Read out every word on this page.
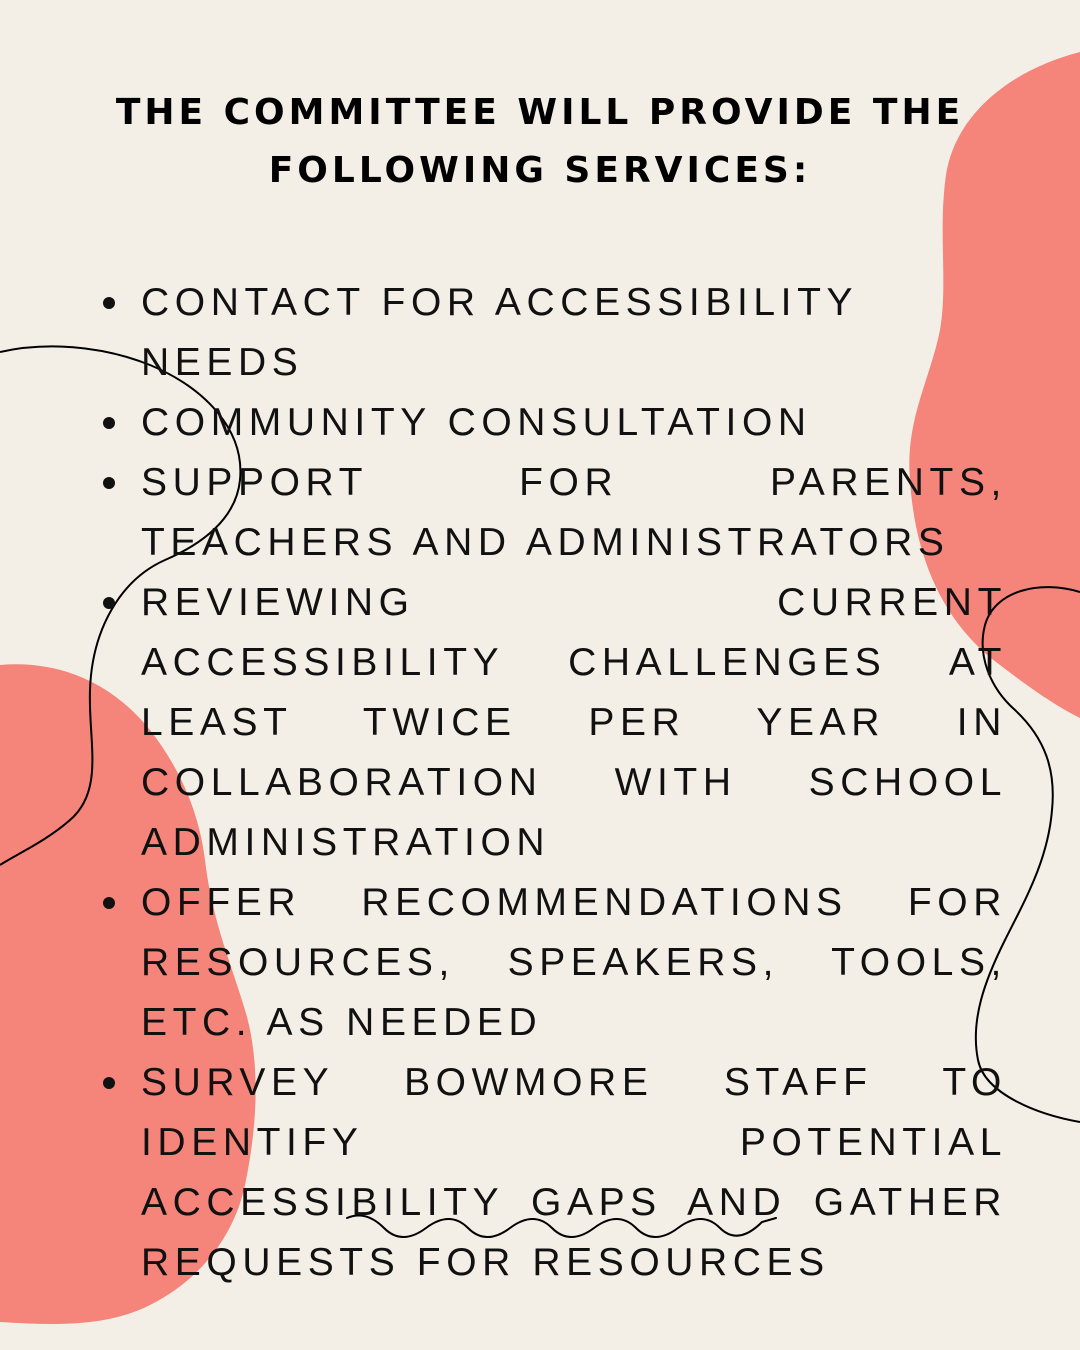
THE COMMITTEE WILL PROVIDE THE
FOLLOWING SERVICES:
CONTACT FOR ACCESSIBILITY NEEDS
COMMUNITY CONSULTATION
SUPPORT FOR PARENTS, TEACHERS AND ADMINISTRATORS
REVIEWING CURRENT ACCESSIBILITY CHALLENGES AT LEAST TWICE PER YEAR IN COLLABORATION WITH SCHOOL ADMINISTRATION
OFFER RECOMMENDATIONS FOR RESOURCES, SPEAKERS, TOOLS, ETC. AS NEEDED
SURVEY BOWMORE STAFF TO IDENTIFY POTENTIAL ACCESSIBILITY GAPS AND GATHER REQUESTS FOR RESOURCES
